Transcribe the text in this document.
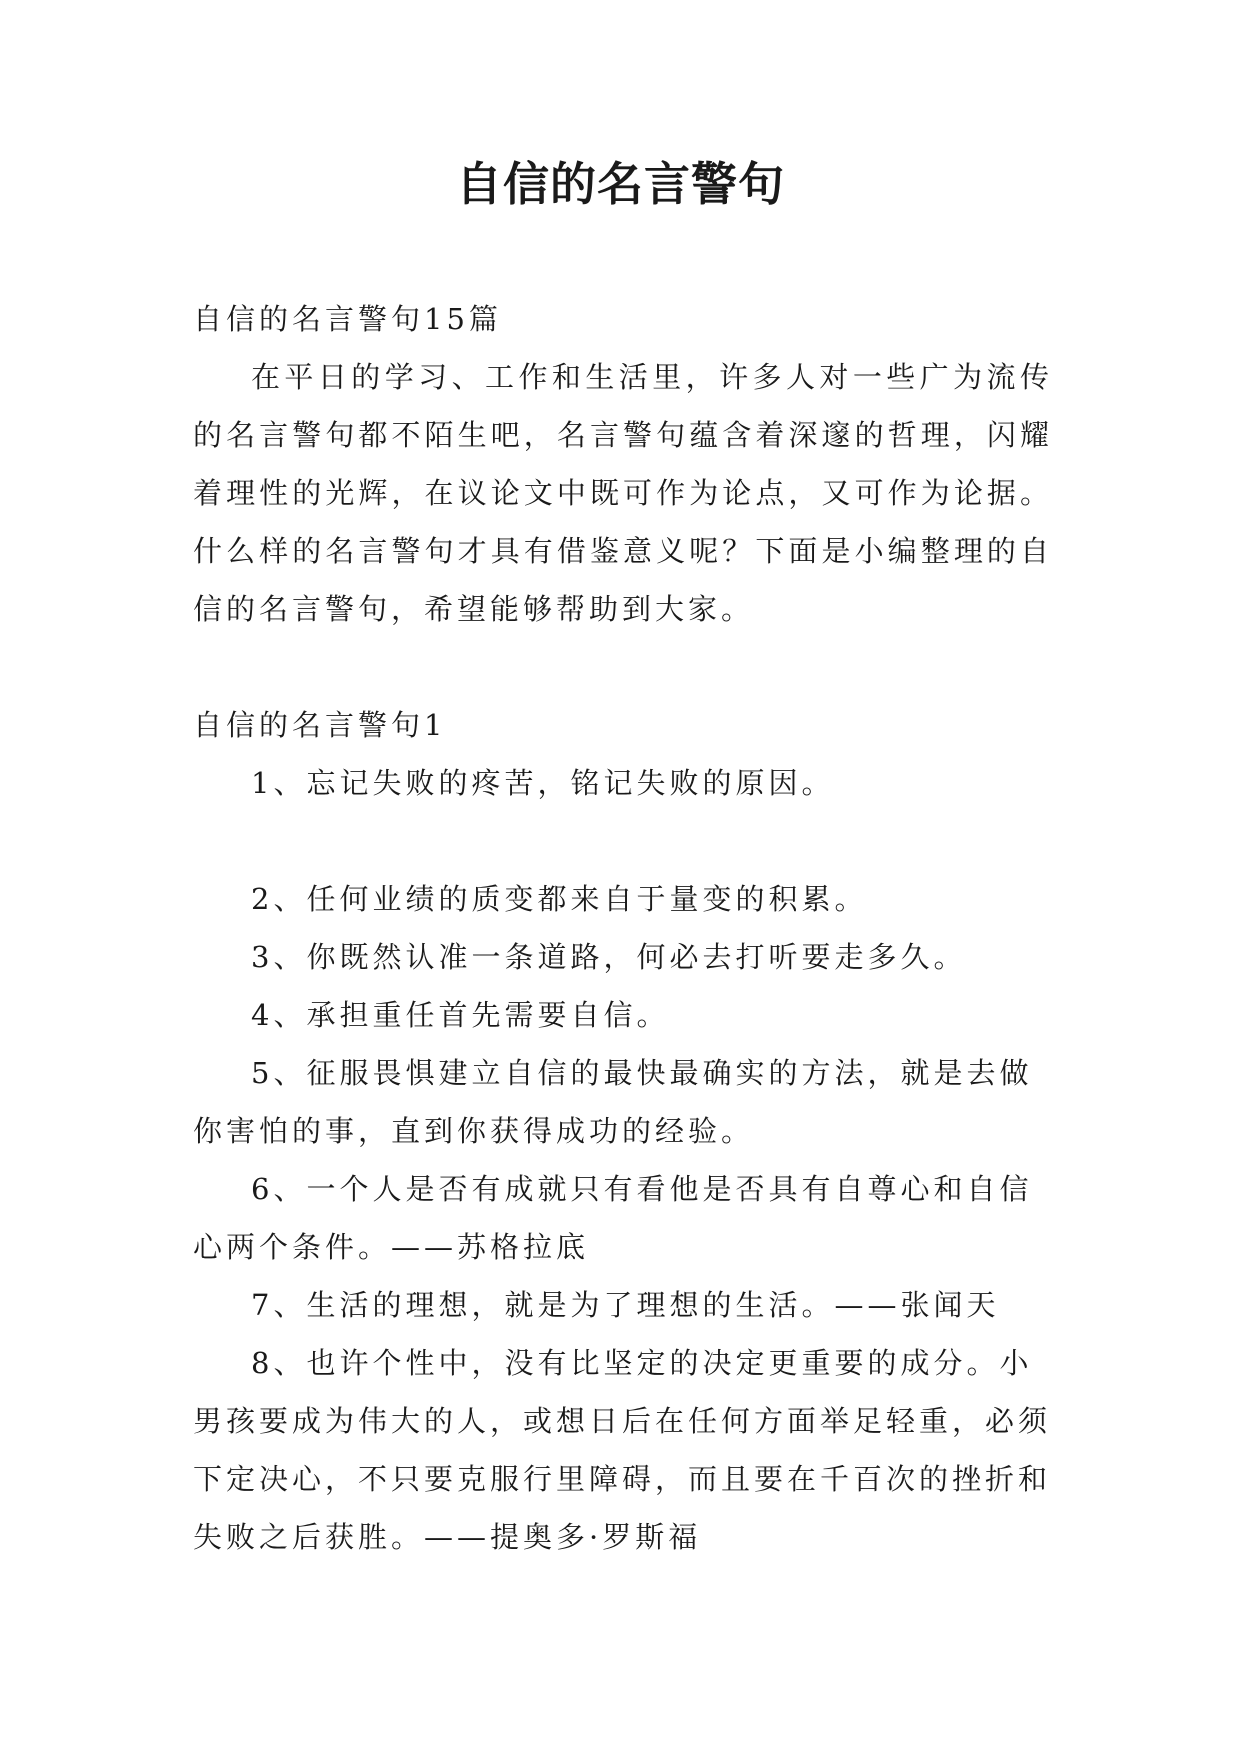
自信的名言警句

自信的名言警句15篇

在平日的学习、工作和生活里，许多人对一些广为流传的名言警句都不陌生吧，名言警句蕴含着深邃的哲理，闪耀着理性的光辉，在议论文中既可作为论点，又可作为论据。什么样的名言警句才具有借鉴意义呢？下面是小编整理的自信的名言警句，希望能够帮助到大家。

自信的名言警句1

1、忘记失败的疼苦，铭记失败的原因。

2、任何业绩的质变都来自于量变的积累。

3、你既然认准一条道路，何必去打听要走多久。

4、承担重任首先需要自信。

5、征服畏惧建立自信的最快最确实的方法，就是去做你害怕的事，直到你获得成功的经验。

6、一个人是否有成就只有看他是否具有自尊心和自信心两个条件。——苏格拉底

7、生活的理想，就是为了理想的生活。——张闻天

8、也许个性中，没有比坚定的决定更重要的成分。小男孩要成为伟大的人，或想日后在任何方面举足轻重，必须下定决心，不只要克服行里障碍，而且要在千百次的挫折和失败之后获胜。——提奥多·罗斯福
